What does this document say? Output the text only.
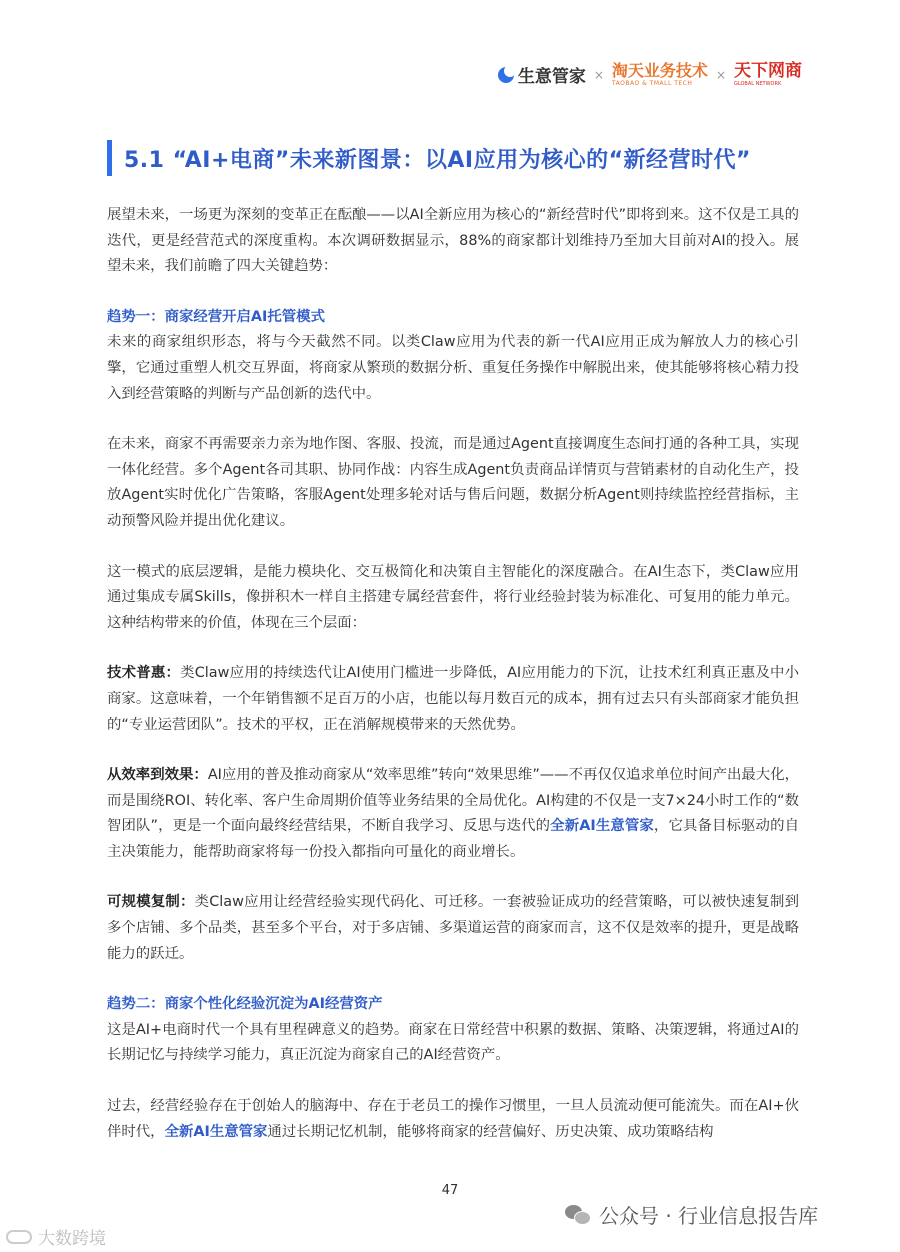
生意管家 × 淘天业务技术
TAOBAO & TMALL TECH
× 天下网商
GLOBAL NETWORK
5.1 “AI+电商”未来新图景：以AI应用为核心的“新经营时代”

展望未来，一场更为深刻的变革正在酝酿——以AI全新应用为核心的“新经营时代”即将到来。这不仅是工具的迭代，更是经营范式的深度重构。本次调研数据显示，88%的商家都计划维持乃至加大目前对AI的投入。展望未来，我们前瞻了四大关键趋势：

趋势一：商家经营开启AI托管模式

未来的商家组织形态，将与今天截然不同。以类Claw应用为代表的新一代AI应用正成为解放人力的核心引擎，它通过重塑人机交互界面，将商家从繁琐的数据分析、重复任务操作中解脱出来，使其能够将核心精力投入到经营策略的判断与产品创新的迭代中。

在未来，商家不再需要亲力亲为地作图、客服、投流，而是通过Agent直接调度生态间打通的各种工具，实现一体化经营。多个Agent各司其职、协同作战：内容生成Agent负责商品详情页与营销素材的自动化生产，投放Agent实时优化广告策略，客服Agent处理多轮对话与售后问题，数据分析Agent则持续监控经营指标，主动预警风险并提出优化建议。

这一模式的底层逻辑，是能力模块化、交互极简化和决策自主智能化的深度融合。在AI生态下，类Claw应用通过集成专属Skills，像拼积木一样自主搭建专属经营套件，将行业经验封装为标准化、可复用的能力单元。这种结构带来的价值，体现在三个层面：

技术普惠：类Claw应用的持续迭代让AI使用门槛进一步降低，AI应用能力的下沉，让技术红利真正惠及中小商家。这意味着，一个年销售额不足百万的小店，也能以每月数百元的成本，拥有过去只有头部商家才能负担的“专业运营团队”。技术的平权，正在消解规模带来的天然优势。

从效率到效果：AI应用的普及推动商家从“效率思维”转向“效果思维”——不再仅仅追求单位时间产出最大化，而是围绕ROI、转化率、客户生命周期价值等业务结果的全局优化。AI构建的不仅是一支7×24小时工作的“数智团队”，更是一个面向最终经营结果，不断自我学习、反思与迭代的全新AI生意管家，它具备目标驱动的自主决策能力，能帮助商家将每一份投入都指向可量化的商业增长。

可规模复制：类Claw应用让经营经验实现代码化、可迁移。一套被验证成功的经营策略，可以被快速复制到多个店铺、多个品类，甚至多个平台，对于多店铺、多渠道运营的商家而言，这不仅是效率的提升，更是战略能力的跃迁。

趋势二：商家个性化经验沉淀为AI经营资产

这是AI+电商时代一个具有里程碑意义的趋势。商家在日常经营中积累的数据、策略、决策逻辑，将通过AI的长期记忆与持续学习能力，真正沉淀为商家自己的AI经营资产。

过去，经营经验存在于创始人的脑海中、存在于老员工的操作习惯里，一旦人员流动便可能流失。而在AI+伙伴时代，全新AI生意管家通过长期记忆机制，能够将商家的经营偏好、历史决策、成功策略结构

47
公众号 · 行业信息报告库
大数跨境
